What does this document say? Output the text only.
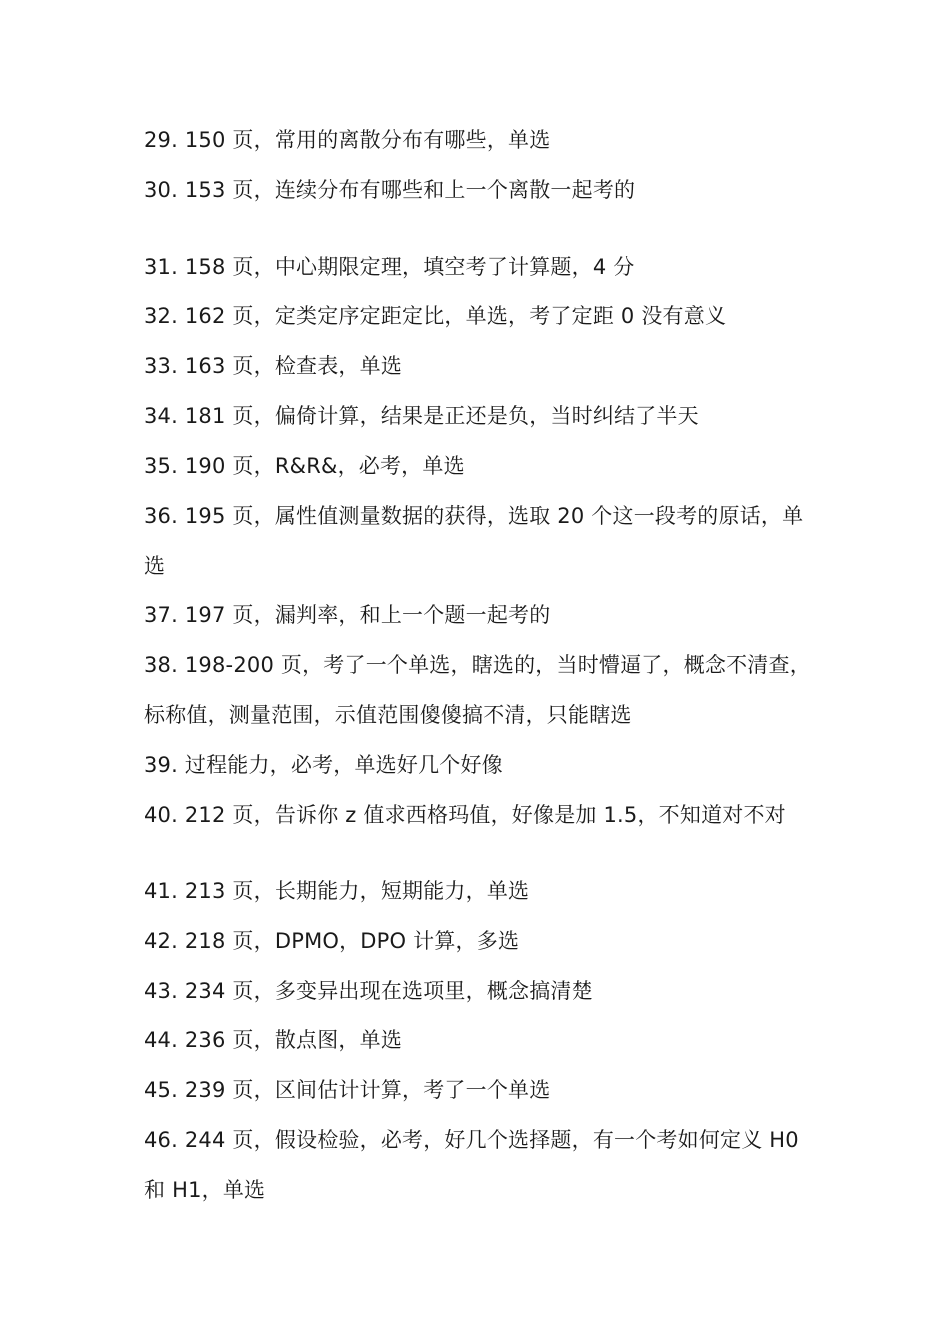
29. 150 页，常用的离散分布有哪些，单选
30. 153 页，连续分布有哪些和上一个离散一起考的
31. 158 页，中心期限定理，填空考了计算题，4 分
32. 162 页，定类定序定距定比，单选，考了定距 0 没有意义
33. 163 页，检查表，单选
34. 181 页，偏倚计算，结果是正还是负，当时纠结了半天
35. 190 页，R&R&，必考，单选
36. 195 页，属性值测量数据的获得，选取 20 个这一段考的原话，单
选
37. 197 页，漏判率，和上一个题一起考的
38. 198-200 页，考了一个单选，瞎选的，当时懵逼了，概念不清查，
标称值，测量范围，示值范围傻傻搞不清，只能瞎选
39. 过程能力，必考，单选好几个好像
40. 212 页，告诉你 z 值求西格玛值，好像是加 1.5，不知道对不对
41. 213 页，长期能力，短期能力，单选
42. 218 页，DPMO，DPO 计算，多选
43. 234 页，多变异出现在选项里，概念搞清楚
44. 236 页，散点图，单选
45. 239 页，区间估计计算，考了一个单选
46. 244 页，假设检验，必考，好几个选择题，有一个考如何定义 H0
和 H1，单选
